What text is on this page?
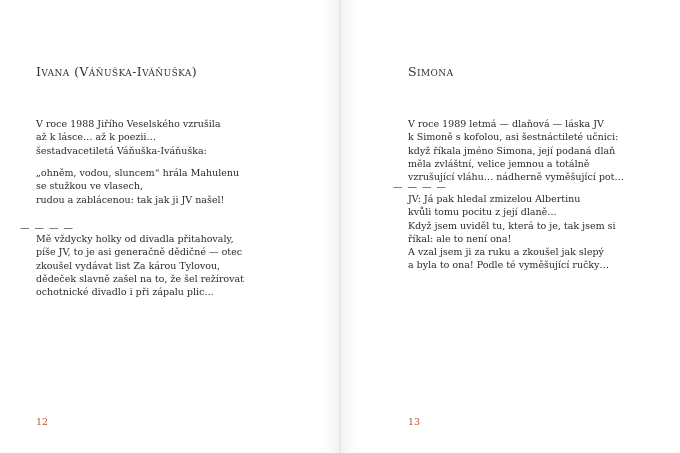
Ivana (Váňuška-Iváňuška)
V roce 1988 Jiřího Veselského vzrušila
až k lásce… až k poezii…
šestadvacetiletá Váňuška-Iváňuška:
„ohněm, vodou, sluncem“ hrála Mahulenu
se stužkou ve vlasech,
rudou a zablácenou: tak jak ji JV našel!
— — — —
Mě vždycky holky od divadla přitahovaly,
píše JV, to je asi generačně dědičné — otec
zkoušel vydávat list Za károu Tylovou,
dědeček slavně zašel na to, že šel režírovat
ochotnické divadlo i při zápalu plic…
12
Simona
V roce 1989 letmá — dlaňová — láska JV
k Simoně s kofolou, asi šestnáctileté učnici:
když říkala jméno Simona, její podaná dlaň
měla zvláštní, velice jemnou a totálně
vzrušující vláhu… nádherně vyměšující pot…
— — — —
JV: Já pak hledal zmizelou Albertinu
kvůli tomu pocitu z její dlaně…
Když jsem uviděl tu, která to je, tak jsem si
říkal: ale to není ona!
A vzal jsem ji za ruku a zkoušel jak slepý
a byla to ona! Podle té vyměšující ručky…
13
